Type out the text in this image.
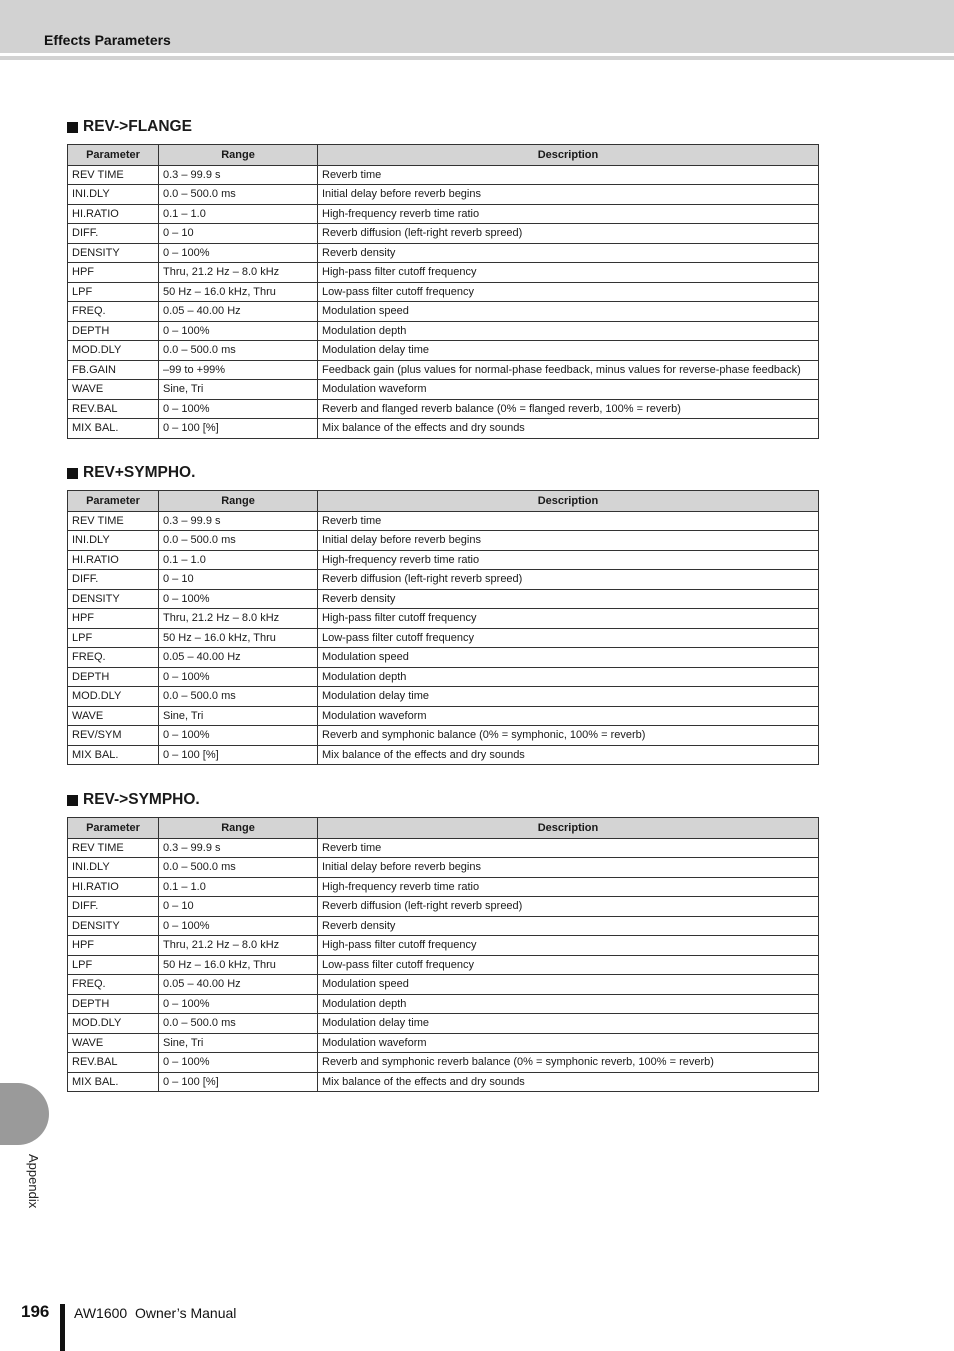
Effects Parameters
REV->FLANGE
Parameter	Range	Description
REV TIME	0.3 – 99.9 s	Reverb time
INI.DLY	0.0 – 500.0 ms	Initial delay before reverb begins
HI.RATIO	0.1 – 1.0	High-frequency reverb time ratio
DIFF.	0 – 10	Reverb diffusion (left-right reverb spreed)
DENSITY	0 – 100%	Reverb density
HPF	Thru, 21.2 Hz – 8.0 kHz	High-pass filter cutoff frequency
LPF	50 Hz – 16.0 kHz, Thru	Low-pass filter cutoff frequency
FREQ.	0.05 – 40.00 Hz	Modulation speed
DEPTH	0 – 100%	Modulation depth
MOD.DLY	0.0 – 500.0 ms	Modulation delay time
FB.GAIN	–99 to +99%	Feedback gain (plus values for normal-phase feedback, minus values for reverse-phase feedback)
WAVE	Sine, Tri	Modulation waveform
REV.BAL	0 – 100%	Reverb and flanged reverb balance (0% = flanged reverb, 100% = reverb)
MIX BAL.	0 – 100 [%]	Mix balance of the effects and dry sounds
REV+SYMPHO.
Parameter	Range	Description
REV TIME	0.3 – 99.9 s	Reverb time
INI.DLY	0.0 – 500.0 ms	Initial delay before reverb begins
HI.RATIO	0.1 – 1.0	High-frequency reverb time ratio
DIFF.	0 – 10	Reverb diffusion (left-right reverb spreed)
DENSITY	0 – 100%	Reverb density
HPF	Thru, 21.2 Hz – 8.0 kHz	High-pass filter cutoff frequency
LPF	50 Hz – 16.0 kHz, Thru	Low-pass filter cutoff frequency
FREQ.	0.05 – 40.00 Hz	Modulation speed
DEPTH	0 – 100%	Modulation depth
MOD.DLY	0.0 – 500.0 ms	Modulation delay time
WAVE	Sine, Tri	Modulation waveform
REV/SYM	0 – 100%	Reverb and symphonic balance (0% = symphonic, 100% = reverb)
MIX BAL.	0 – 100 [%]	Mix balance of the effects and dry sounds
REV->SYMPHO.
Parameter	Range	Description
REV TIME	0.3 – 99.9 s	Reverb time
INI.DLY	0.0 – 500.0 ms	Initial delay before reverb begins
HI.RATIO	0.1 – 1.0	High-frequency reverb time ratio
DIFF.	0 – 10	Reverb diffusion (left-right reverb spreed)
DENSITY	0 – 100%	Reverb density
HPF	Thru, 21.2 Hz – 8.0 kHz	High-pass filter cutoff frequency
LPF	50 Hz – 16.0 kHz, Thru	Low-pass filter cutoff frequency
FREQ.	0.05 – 40.00 Hz	Modulation speed
DEPTH	0 – 100%	Modulation depth
MOD.DLY	0.0 – 500.0 ms	Modulation delay time
WAVE	Sine, Tri	Modulation waveform
REV.BAL	0 – 100%	Reverb and symphonic reverb balance (0% = symphonic reverb, 100% = reverb)
MIX BAL.	0 – 100 [%]	Mix balance of the effects and dry sounds
Appendix
196 AW1600  Owner’s Manual
